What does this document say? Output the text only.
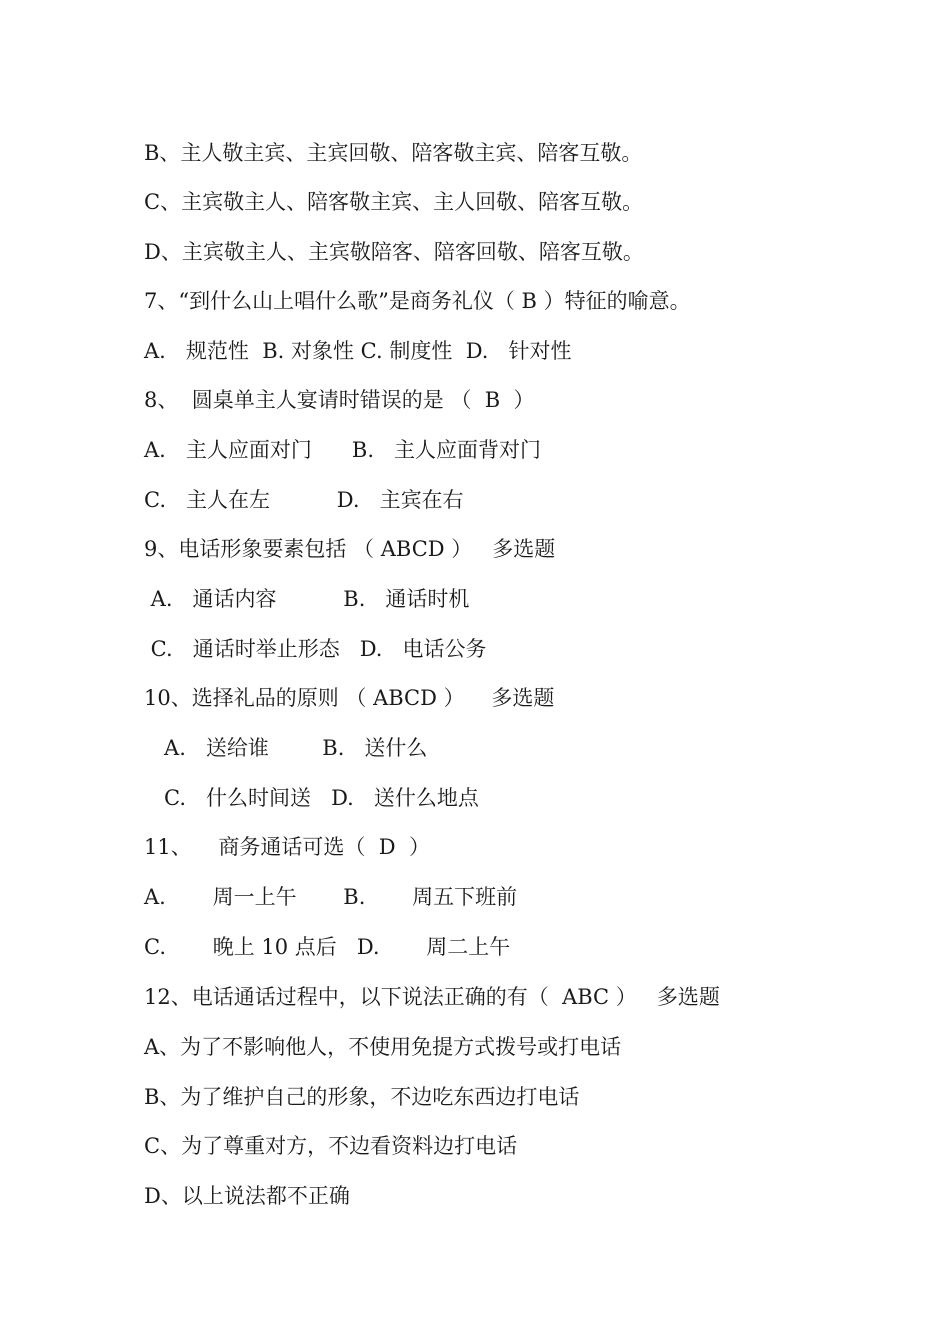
B、主人敬主宾、主宾回敬、陪客敬主宾、陪客互敬。
C、主宾敬主人、陪客敬主宾、主人回敬、陪客互敬。
D、主宾敬主人、主宾敬陪客、陪客回敬、陪客互敬。
7、“到什么山上唱什么歌”是商务礼仪（ B ）特征的喻意。
A.   规范性  B. 对象性 C. 制度性  D.   针对性
8、  圆桌单主人宴请时错误的是 （  B  ）
A.   主人应面对门      B.   主人应面背对门
C.   主人在左          D.   主宾在右
9、电话形象要素包括 （ ABCD ）   多选题
A.   通话内容          B.   通话时机
C.   通话时举止形态   D.   电话公务
10、选择礼品的原则 （ ABCD ）    多选题
A.   送给谁        B.   送什么
C.   什么时间送   D.   送什么地点
11、    商务通话可选（  D  ）
A.       周一上午       B.       周五下班前
C.       晚上 10 点后   D.       周二上午
12、电话通话过程中，以下说法正确的有（  ABC ）   多选题
A、为了不影响他人，不使用免提方式拨号或打电话
B、为了维护自己的形象，不边吃东西边打电话
C、为了尊重对方，不边看资料边打电话
D、以上说法都不正确
